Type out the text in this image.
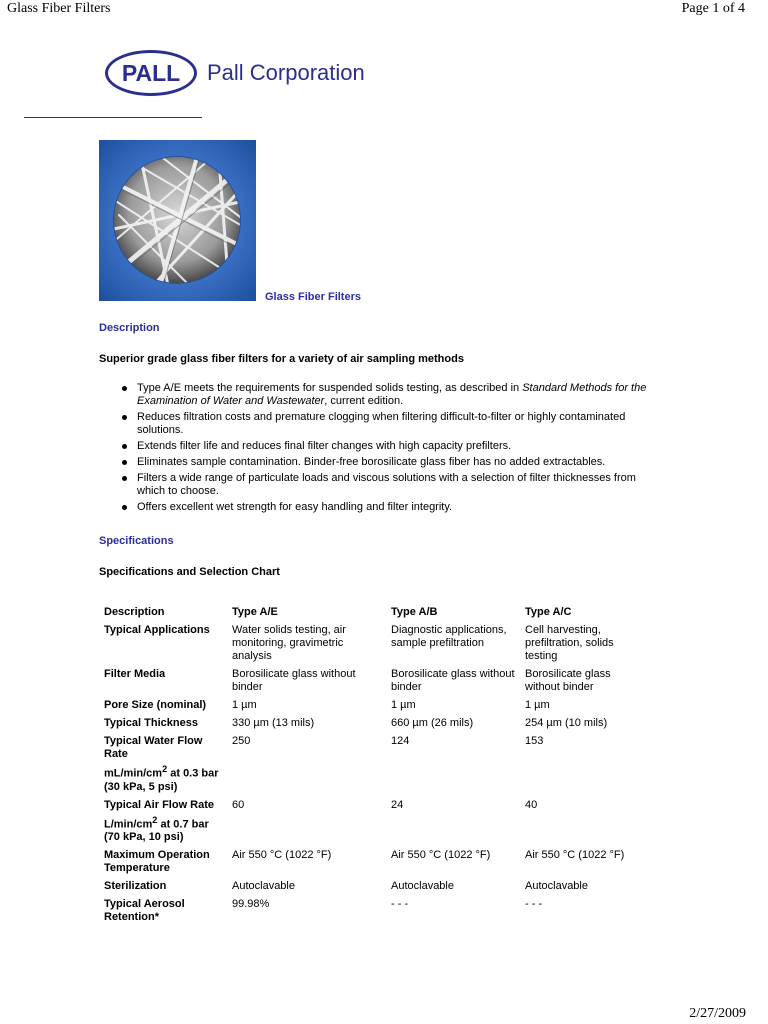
Glass Fiber Filters	Page 1 of 4
PALL	Pall Corporation
Glass Fiber Filters
Description
Superior grade glass fiber filters for a variety of air sampling methods
Type A/E meets the requirements for suspended solids testing, as described in Standard Methods for the Examination of Water and Wastewater, current edition.
Reduces filtration costs and premature clogging when filtering difficult-to-filter or highly contaminated solutions.
Extends filter life and reduces final filter changes with high capacity prefilters.
Eliminates sample contamination. Binder-free borosilicate glass fiber has no added extractables.
Filters a wide range of particulate loads and viscous solutions with a selection of filter thicknesses from which to choose.
Offers excellent wet strength for easy handling and filter integrity.
Specifications
Specifications and Selection Chart
Description	Type A/E	Type A/B	Type A/C
Typical Applications	Water solids testing, air monitoring, gravimetric analysis	Diagnostic applications, sample prefiltration	Cell harvesting, prefiltration, solids testing
Filter Media	Borosilicate glass without binder	Borosilicate glass without binder	Borosilicate glass without binder
Pore Size (nominal)	1 µm	1 µm	1 µm
Typical Thickness	330 µm (13 mils)	660 µm (26 mils)	254 µm (10 mils)

Typical Water Flow Rate
$mL/\min/cm^2$ at 0.3 bar (30 kPa, 5 psi)	250	124	153

Typical Air Flow Rate
$L/\min/cm^2$ at 0.7 bar (70 kPa, 10 psi)	60	24	40
Maximum Operation Temperature	Air 550 °C (1022 °F)	Air 550 °C (1022 °F)	Air 550 °C (1022 °F)
Sterilization	Autoclavable	Autoclavable	Autoclavable
Typical Aerosol Retention*	99.98%	- - -	- - -
2/27/2009
